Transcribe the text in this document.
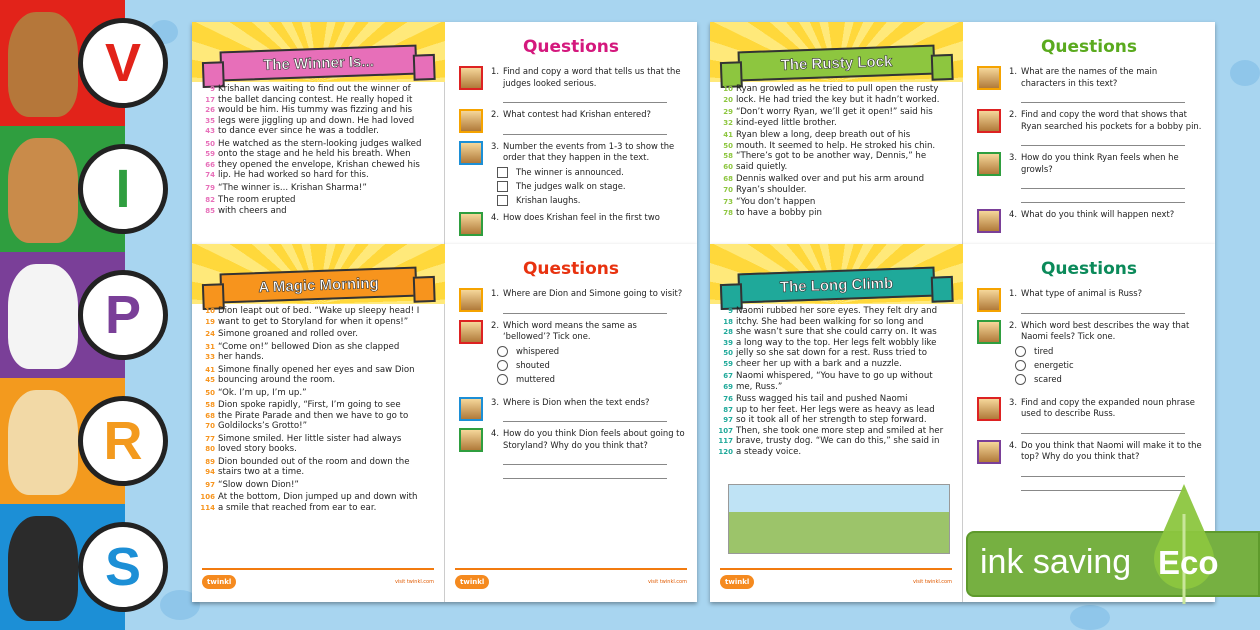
The Winner Is...
9 Krishan was waiting to find out the winner of
17 the ballet dancing contest. He really hoped it
26 would be him. His tummy was fizzing and his
35 legs were jiggling up and down. He had loved
43 to dance ever since he was a toddler.
50 He watched as the stern-looking judges walked
59 onto the stage and he held his breath. When
66 they opened the envelope, Krishan chewed his
74 lip. He had worked so hard for this.
79 “The winner is... Krishan Sharma!”
82 The room erupted
85 with cheers and
Questions
1. Find and copy a word that tells us that the judges looked serious.
2. What contest had Krishan entered?
3. Number the events from 1-3 to show the order that they happen in the text.
The winner is announced.
The judges walk on stage.
Krishan laughs.
4. How does Krishan feel in the first two
The Rusty Lock
10 Ryan growled as he tried to pull open the rusty
20 lock. He had tried the key but it hadn’t worked.
29 “Don’t worry Ryan, we’ll get it open!” said his
32 kind-eyed little brother.
41 Ryan blew a long, deep breath out of his
50 mouth. It seemed to help. He stroked his chin.
58 “There’s got to be another way, Dennis,” he
60 said quietly.
68 Dennis walked over and put his arm around
70 Ryan’s shoulder.
73 “You don’t happen
78 to have a bobby pin
Questions
1. What are the names of the main characters in this text?
2. Find and copy the word that shows that Ryan searched his pockets for a bobby pin.
3. How do you think Ryan feels when he growls?
4. What do you think will happen next?
A Magic Morning
10 Dion leapt out of bed. “Wake up sleepy head! I
19 want to get to Storyland for when it opens!”
24 Simone groaned and rolled over.
31 “Come on!” bellowed Dion as she clapped
33 her hands.
41 Simone finally opened her eyes and saw Dion
45 bouncing around the room.
50 “Ok. I’m up, I’m up.”
58 Dion spoke rapidly, “First, I’m going to see
68 the Pirate Parade and then we have to go to
70 Goldilocks’s Grotto!”
77 Simone smiled. Her little sister had always
80 loved story books.
89 Dion bounded out of the room and down the
94 stairs two at a time.
97 “Slow down Dion!”
106 At the bottom, Dion jumped up and down with
114 a smile that reached from ear to ear.
twinkl	visit twinkl.com
Questions
1. Where are Dion and Simone going to visit?
2. Which word means the same as ‘bellowed’? Tick one.
whispered
shouted
muttered
3. Where is Dion when the text ends?
4. How do you think Dion feels about going to Storyland? Why do you think that?
twinkl	visit twinkl.com
The Long Climb
9 Naomi rubbed her sore eyes. They felt dry and
18 itchy. She had been walking for so long and
28 she wasn’t sure that she could carry on. It was
39 a long way to the top. Her legs felt wobbly like
50 jelly so she sat down for a rest. Russ tried to
59 cheer her up with a bark and a nuzzle.
67 Naomi whispered, “You have to go up without
69 me, Russ.”
76 Russ wagged his tail and pushed Naomi
87 up to her feet. Her legs were as heavy as lead
97 so it took all of her strength to step forward.
107 Then, she took one more step and smiled at her
117 brave, trusty dog. “We can do this,” she said in
120 a steady voice.
twinkl	visit twinkl.com
Questions
1. What type of animal is Russ?
2. Which word best describes the way that Naomi feels? Tick one.
tired
energetic
scared
3. Find and copy the expanded noun phrase used to describe Russ.
4. Do you think that Naomi will make it to the top? Why do you think that?
ink saving Eco
V
I
P
R
S
